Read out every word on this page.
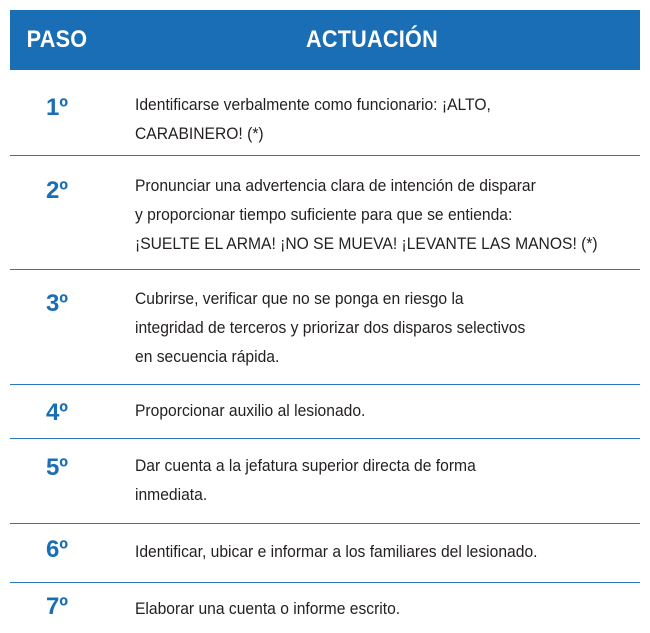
PASO	ACTUACIÓN
1º	Identificarse verbalmente como funcionario: ¡ALTO,
CARABINERO! (*)
2º	Pronunciar una advertencia clara de intención de disparar
y proporcionar tiempo suficiente para que se entienda:
¡SUELTE EL ARMA! ¡NO SE MUEVA! ¡LEVANTE LAS MANOS! (*)
3º	Cubrirse, verificar que no se ponga en riesgo la
integridad de terceros y priorizar dos disparos selectivos
en secuencia rápida.
4º	Proporcionar auxilio al lesionado.
5º	Dar cuenta a la jefatura superior directa de forma
inmediata.
6º	Identificar, ubicar e informar a los familiares del lesionado.
7º	Elaborar una cuenta o informe escrito.
